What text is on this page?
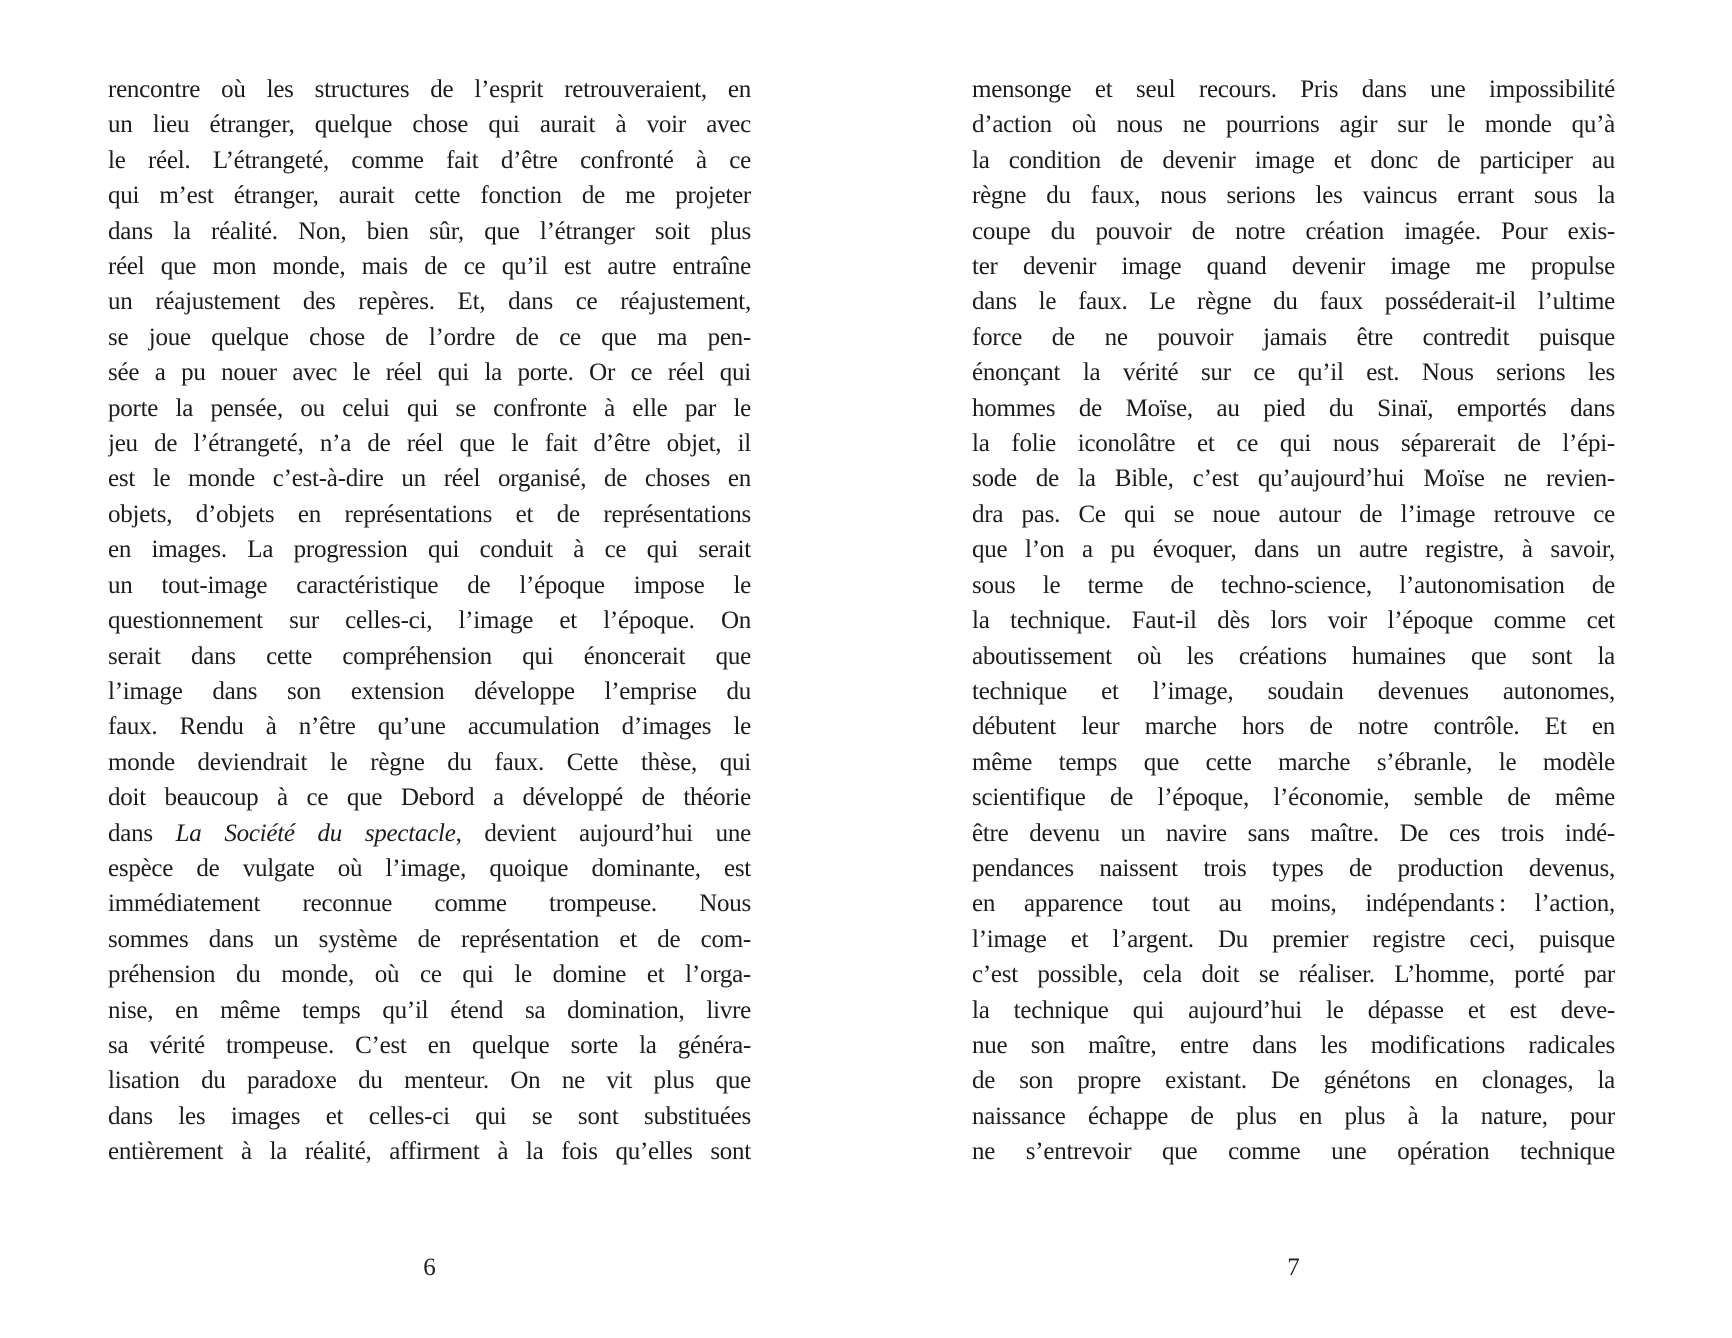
rencontre où les structures de l’esprit retrouveraient, en
un lieu étranger, quelque chose qui aurait à voir avec
le réel. L’étrangeté, comme fait d’être confronté à ce
qui m’est étranger, aurait cette fonction de me projeter
dans la réalité. Non, bien sûr, que l’étranger soit plus
réel que mon monde, mais de ce qu’il est autre entraîne
un réajustement des repères. Et, dans ce réajustement,
se joue quelque chose de l’ordre de ce que ma pen-
sée a pu nouer avec le réel qui la porte. Or ce réel qui
porte la pensée, ou celui qui se confronte à elle par le
jeu de l’étrangeté, n’a de réel que le fait d’être objet, il
est le monde c’est-à-dire un réel organisé, de choses en
objets, d’objets en représentations et de représentations
en images. La progression qui conduit à ce qui serait
un tout-image caractéristique de l’époque impose le
questionnement sur celles-ci, l’image et l’époque. On
serait dans cette compréhension qui énoncerait que
l’image dans son extension développe l’emprise du
faux. Rendu à n’être qu’une accumulation d’images le
monde deviendrait le règne du faux. Cette thèse, qui
doit beaucoup à ce que Debord a développé de théorie
dans La Société du spectacle, devient aujourd’hui une
espèce de vulgate où l’image, quoique dominante, est
immédiatement reconnue comme trompeuse. Nous
sommes dans un système de représentation et de com-
préhension du monde, où ce qui le domine et l’orga-
nise, en même temps qu’il étend sa domination, livre
sa vérité trompeuse. C’est en quelque sorte la généra-
lisation du paradoxe du menteur. On ne vit plus que
dans les images et celles-ci qui se sont substituées
entièrement à la réalité, affirment à la fois qu’elles sont
6
mensonge et seul recours. Pris dans une impossibilité
d’action où nous ne pourrions agir sur le monde qu’à
la condition de devenir image et donc de participer au
règne du faux, nous serions les vaincus errant sous la
coupe du pouvoir de notre création imagée. Pour exis-
ter devenir image quand devenir image me propulse
dans le faux. Le règne du faux posséderait-il l’ultime
force de ne pouvoir jamais être contredit puisque
énonçant la vérité sur ce qu’il est. Nous serions les
hommes de Moïse, au pied du Sinaï, emportés dans
la folie iconolâtre et ce qui nous séparerait de l’épi-
sode de la Bible, c’est qu’aujourd’hui Moïse ne revien-
dra pas. Ce qui se noue autour de l’image retrouve ce
que l’on a pu évoquer, dans un autre registre, à savoir,
sous le terme de techno-science, l’autonomisation de
la technique. Faut-il dès lors voir l’époque comme cet
aboutissement où les créations humaines que sont la
technique et l’image, soudain devenues autonomes,
débutent leur marche hors de notre contrôle. Et en
même temps que cette marche s’ébranle, le modèle
scientifique de l’époque, l’économie, semble de même
être devenu un navire sans maître. De ces trois indé-
pendances naissent trois types de production devenus,
en apparence tout au moins, indépendants : l’action,
l’image et l’argent. Du premier registre ceci, puisque
c’est possible, cela doit se réaliser. L’homme, porté par
la technique qui aujourd’hui le dépasse et est deve-
nue son maître, entre dans les modifications radicales
de son propre existant. De génétons en clonages, la
naissance échappe de plus en plus à la nature, pour
ne s’entrevoir que comme une opération technique
7
